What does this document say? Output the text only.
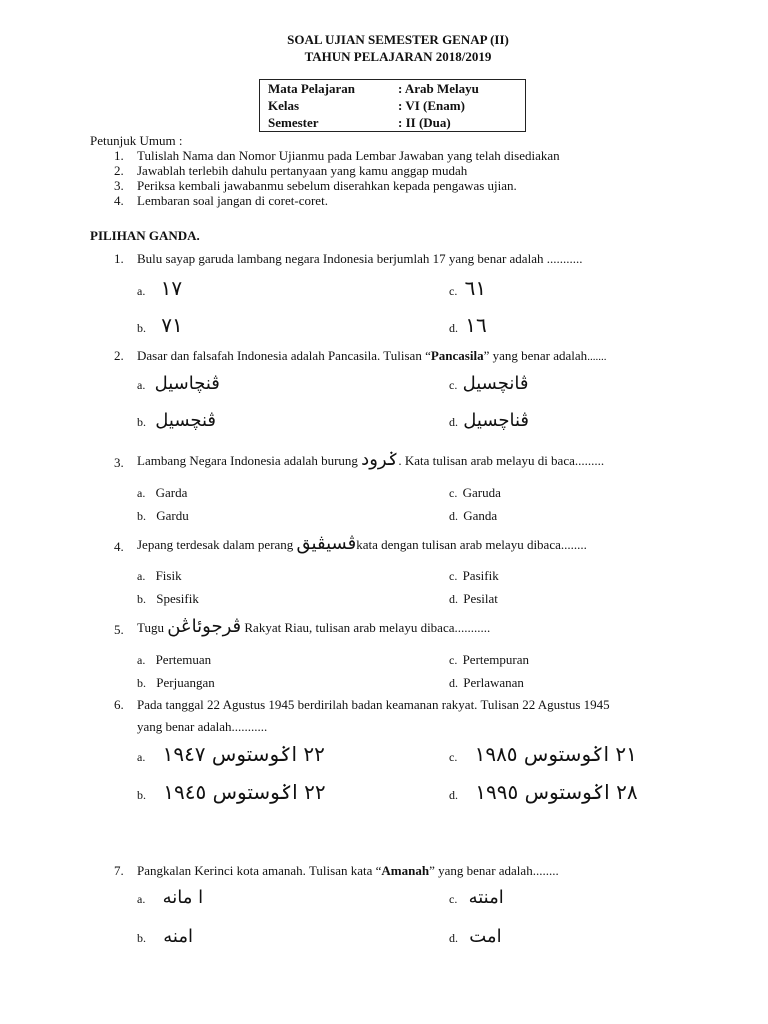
SOAL UJIAN SEMESTER GENAP (II)
TAHUN PELAJARAN 2018/2019
Mata Pelajaran	: Arab Melayu
Kelas	: VI (Enam)
Semester	: II (Dua)
Petunjuk Umum :
1. Tulislah Nama dan Nomor Ujianmu pada Lembar Jawaban yang telah disediakan
2. Jawablah terlebih dahulu pertanyaan yang kamu anggap mudah
3. Periksa kembali jawabanmu sebelum diserahkan kepada pengawas ujian.
4. Lembaran soal jangan di coret-coret.
PILIHAN GANDA.
1. Bulu sayap garuda lambang negara Indonesia berjumlah 17 yang benar adalah ...........
a. ١٧
b. ٧١
c. ٦١
d. ١٦
2. Dasar dan falsafah Indonesia adalah Pancasila. Tulisan “Pancasila” yang benar adalah.......
a. ڤنچاسيل
b. ڤنچسيل
c. ڤانچسيل
d. ڤناچسيل
3. Lambang Negara Indonesia adalah burung ݢرود. Kata tulisan arab melayu di baca.........
a. Garda
b. Gardu
c. Garuda
d. Ganda
4. Jepang terdesak dalam perang ڤسيڤيقkata dengan tulisan arab melayu dibaca........
a. Fisik
b. Spesifik
c. Pasifik
d. Pesilat
5. Tugu ڤرجوئاڠن Rakyat Riau, tulisan arab melayu dibaca...........
a. Pertemuan
b. Perjuangan
c. Pertempuran
d. Perlawanan
6. Pada tanggal 22 Agustus 1945 berdirilah badan keamanan rakyat. Tulisan 22 Agustus 1945
yang benar adalah...........
a. ٢٢ اݢوستوس ١٩٤٧
b. ٢٢ اݢوستوس ١٩٤٥
c. ٢١ اݢوستوس ١٩٨٥
d. ٢٨ اݢوستوس ١٩٩٥
7. Pangkalan Kerinci kota amanah. Tulisan kata “Amanah” yang benar adalah........
a. ا مانه
b. امنه
c. امنته
d. امت
